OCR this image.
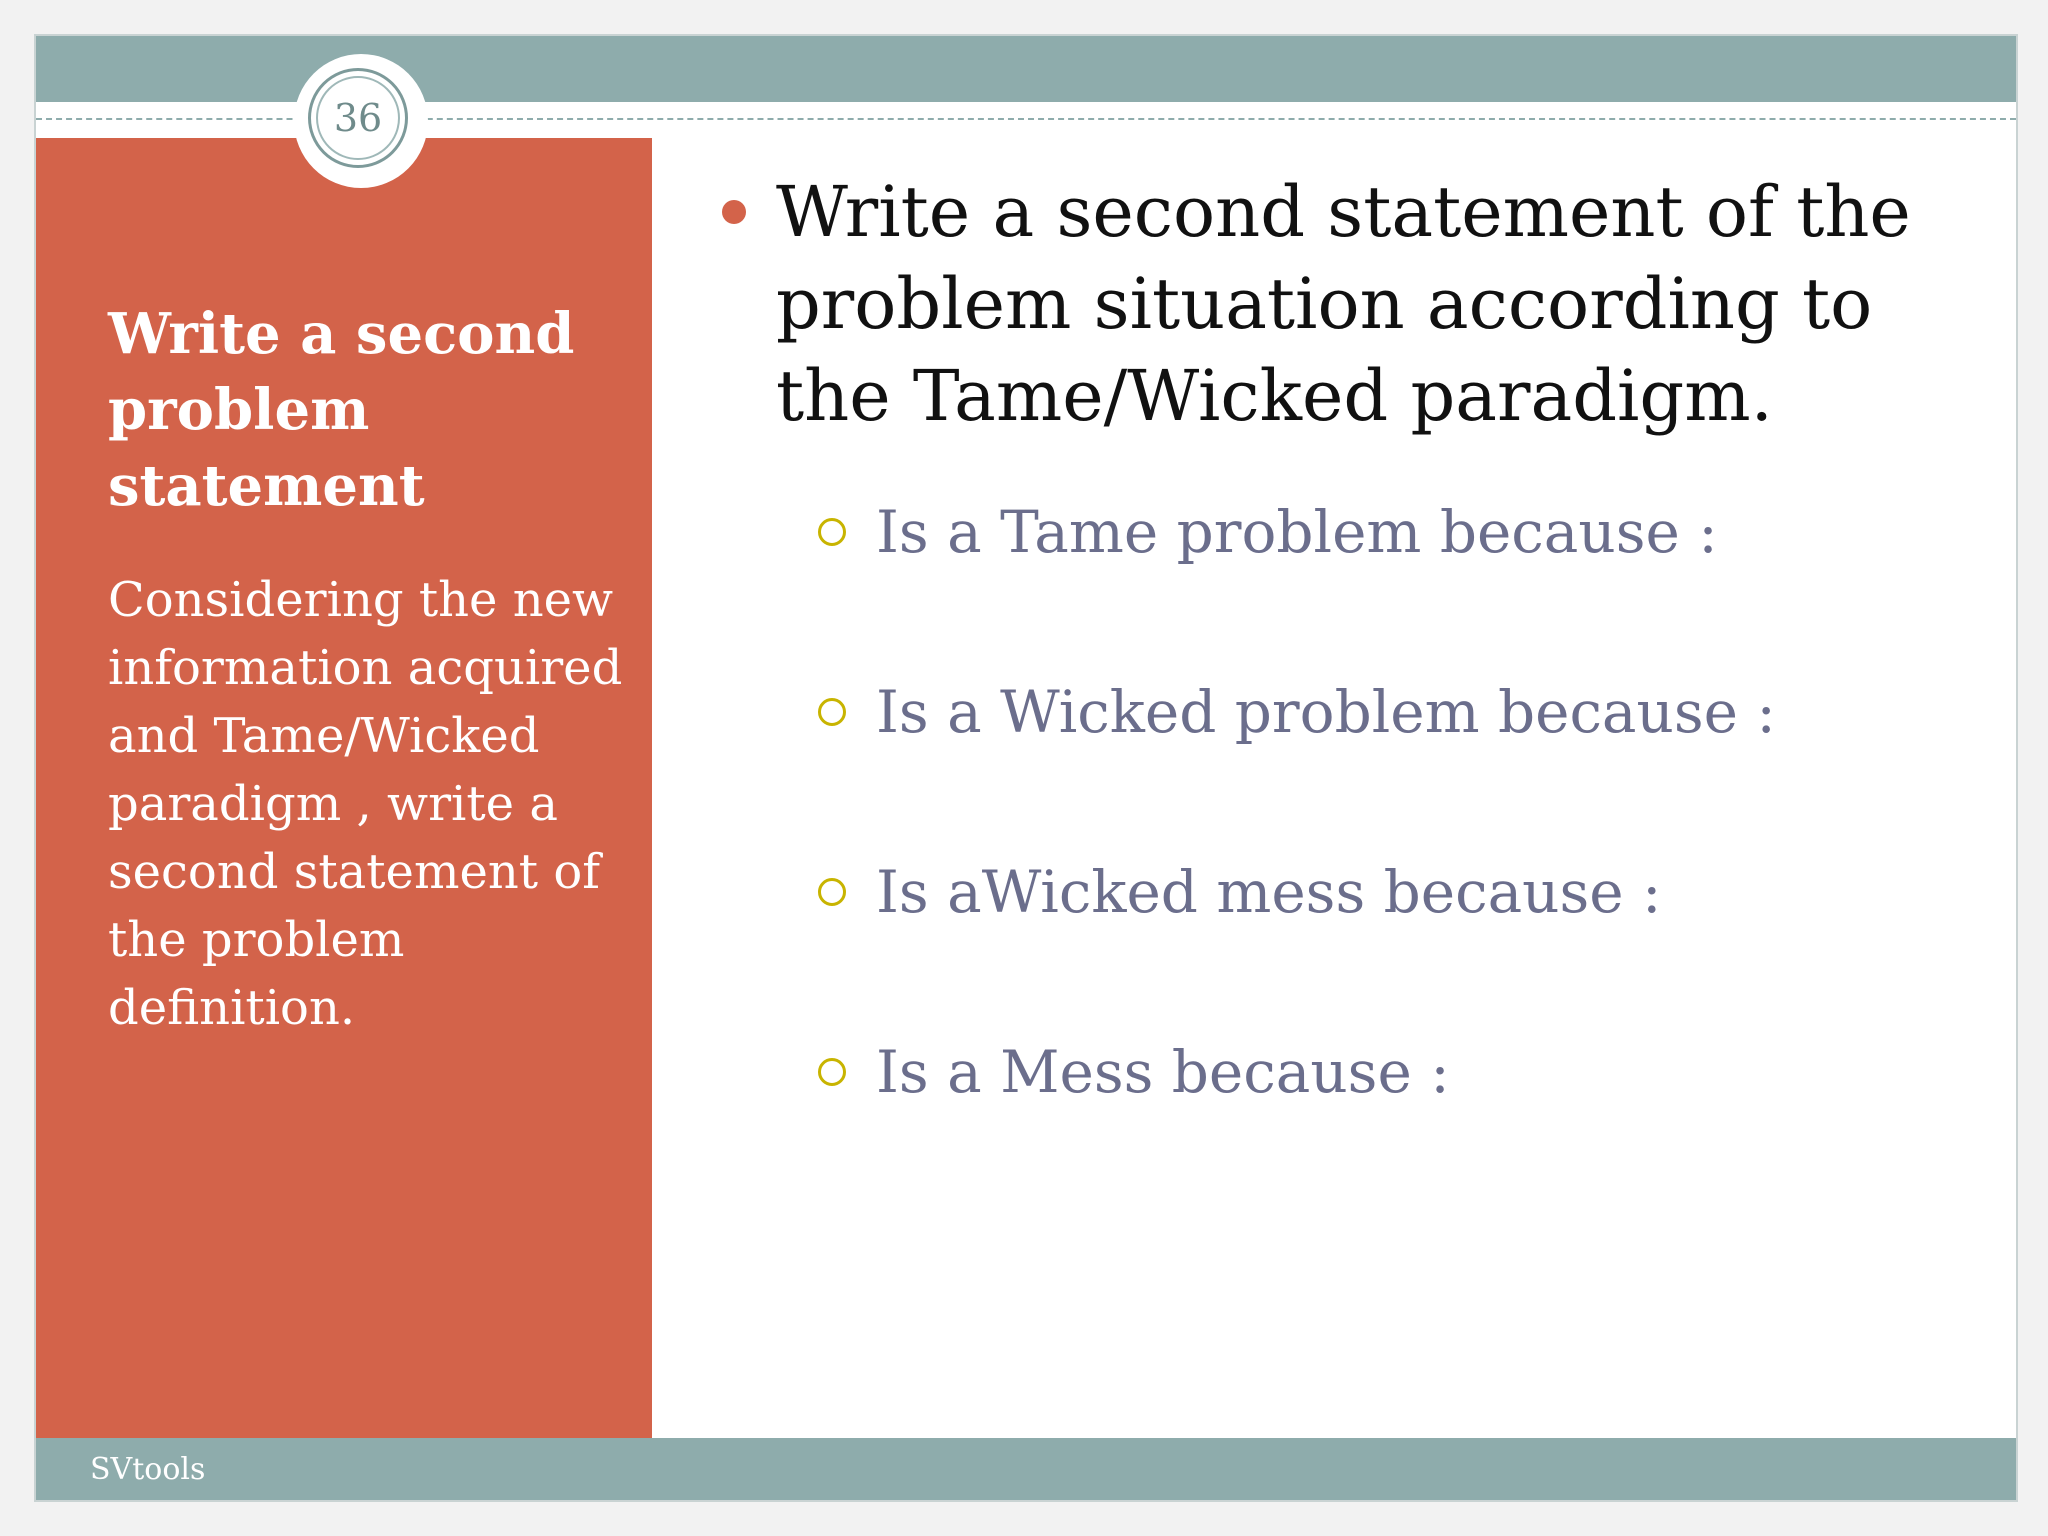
Write a second problem statement

Considering the new information acquired and Tame/Wicked paradigm , write a second statement of the problem definition.

36

Write a second statement of the problem situation according to the Tame/Wicked paradigm.

Is a Tame problem because :
Is a Wicked problem because :
Is aWicked mess because :
Is a Mess because :
SVtools
